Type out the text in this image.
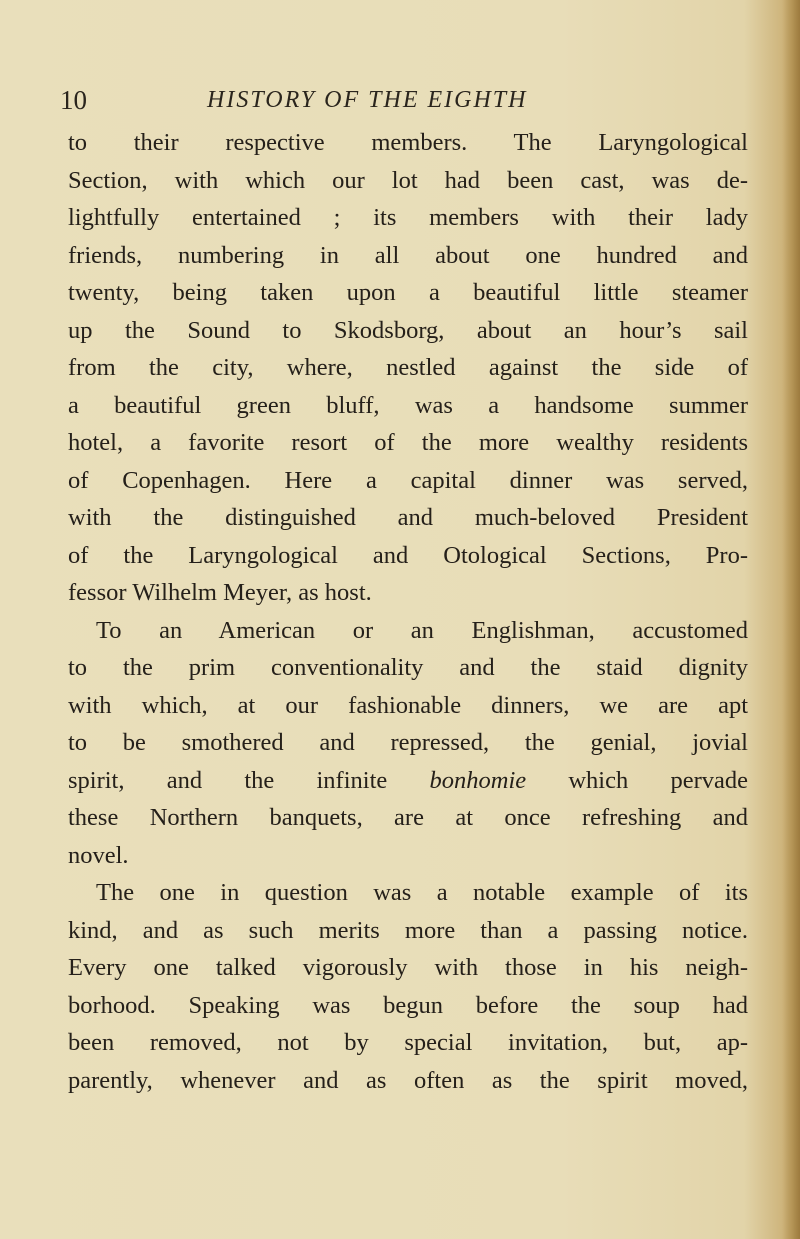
10	HISTORY OF THE EIGHTH
to their respective members. The Laryngological
Section, with which our lot had been cast, was de-
lightfully entertained ; its members with their lady
friends, numbering in all about one hundred and
twenty, being taken upon a beautiful little steamer
up the Sound to Skodsborg, about an hour’s sail
from the city, where, nestled against the side of
a beautiful green bluff, was a handsome summer
hotel, a favorite resort of the more wealthy residents
of Copenhagen. Here a capital dinner was served,
with the distinguished and much-beloved President
of the Laryngological and Otological Sections, Pro-
fessor Wilhelm Meyer, as host.
To an American or an Englishman, accustomed
to the prim conventionality and the staid dignity
with which, at our fashionable dinners, we are apt
to be smothered and repressed, the genial, jovial
spirit, and the infinite bonhomie which pervade
these Northern banquets, are at once refreshing and
novel.
The one in question was a notable example of its
kind, and as such merits more than a passing notice.
Every one talked vigorously with those in his neigh-
borhood. Speaking was begun before the soup had
been removed, not by special invitation, but, ap-
parently, whenever and as often as the spirit moved,
